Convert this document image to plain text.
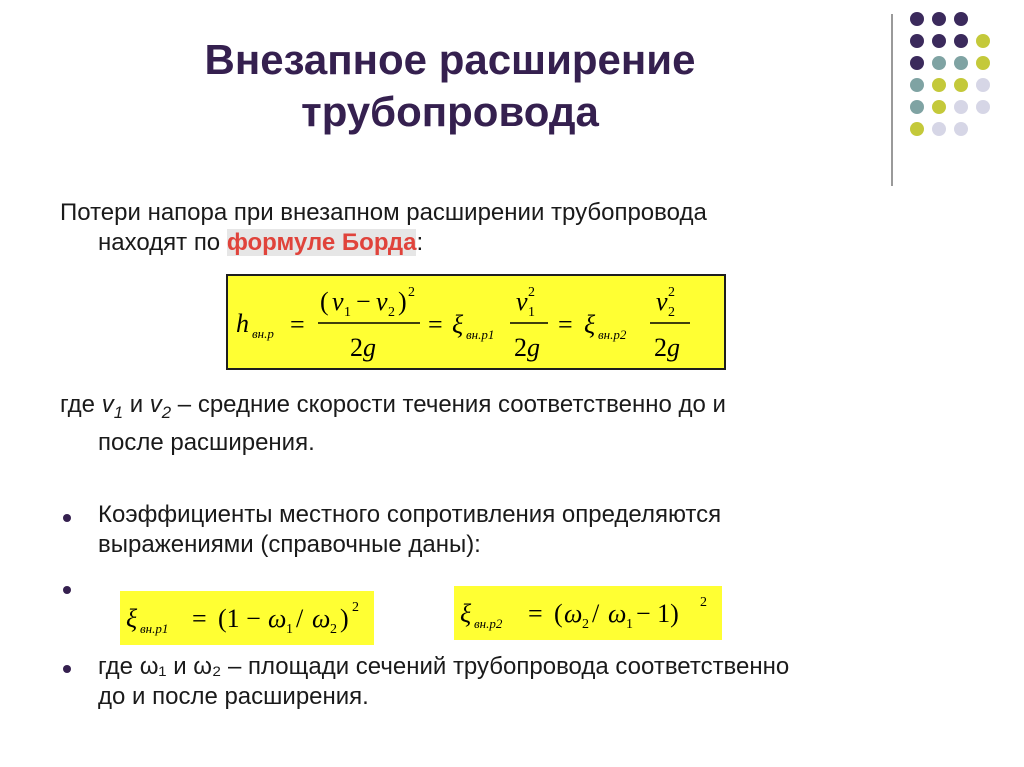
Внезапное расширение
трубопровода
Потери напора при внезапном расширении трубопровода
находят по формуле Борда:
h вн.р =
( v 1 − v 2 ) 2
2g
= ξ вн.р1
v 1
2
2g
= ξ вн.р2
v 2
2
2g
где $v_1$ и $v_2$ – средние скорости течения соответственно до и
после расширения.
Коэффициенты местного сопротивления определяются
выражениями (справочные даны):
ξ вн.р1 = (1 − ω 1 / ω 2 ) 2	ξ вн.р2 = ( ω 2 / ω 1 − 1) 2
где ω₁ и ω₂ – площади сечений трубопровода соответственно
до и после расширения.
